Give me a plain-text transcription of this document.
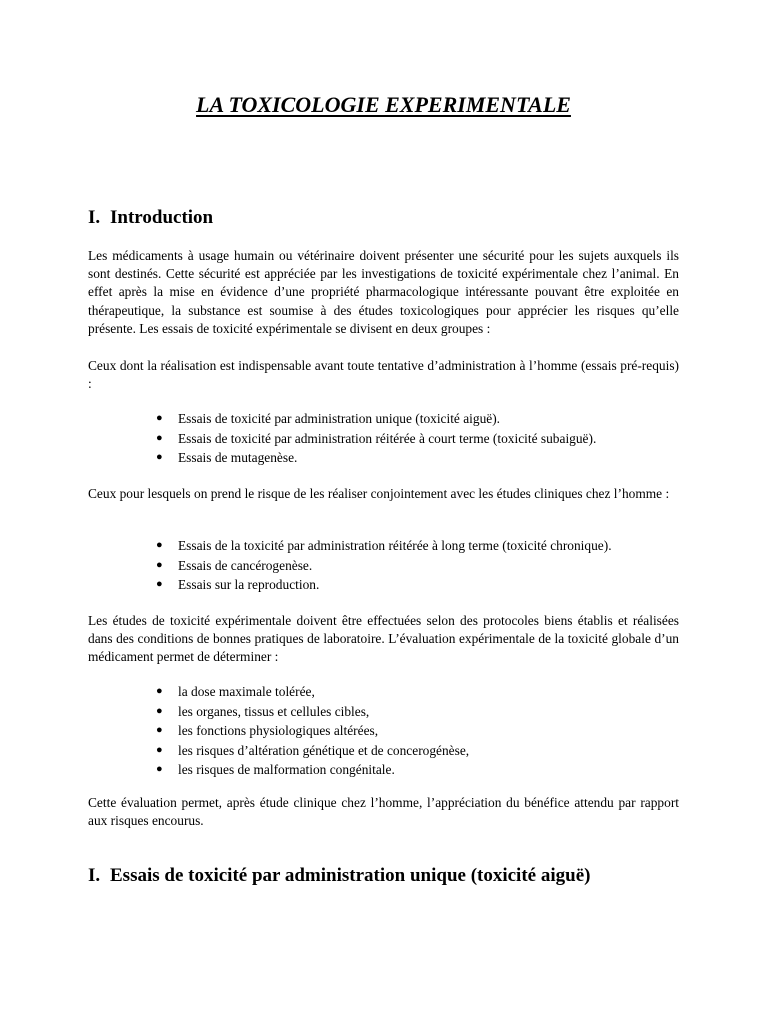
LA TOXICOLOGIE EXPERIMENTALE
I. Introduction

Les médicaments à usage humain ou vétérinaire doivent présenter une sécurité pour les sujets auxquels ils sont destinés. Cette sécurité est appréciée par les investigations de toxicité expérimentale chez l’animal. En effet après la mise en évidence d’une propriété pharmacologique intéressante pouvant être exploitée en thérapeutique, la substance est soumise à des études toxicologiques pour apprécier les risques qu’elle présente. Les essais de toxicité expérimentale se divisent en deux groupes :

Ceux dont la réalisation est indispensable avant toute tentative d’administration à l’homme (essais pré-requis) :

● Essais de toxicité par administration unique (toxicité aiguë).
● Essais de toxicité par administration réitérée à court terme (toxicité subaiguë).
● Essais de mutagenèse.

Ceux pour lesquels on prend le risque de les réaliser conjointement avec les études cliniques chez l’homme :

● Essais de la toxicité par administration réitérée à long terme (toxicité chronique).
● Essais de cancérogenèse.
● Essais sur la reproduction.

Les études de toxicité expérimentale doivent être effectuées selon des protocoles biens établis et réalisées dans des conditions de bonnes pratiques de laboratoire. L’évaluation expérimentale de la toxicité globale d’un médicament permet de déterminer :

● la dose maximale tolérée,
● les organes, tissus et cellules cibles,
● les fonctions physiologiques altérées,
● les risques d’altération génétique et de concerogénèse,
● les risques de malformation congénitale.

Cette évaluation permet, après étude clinique chez l’homme, l’appréciation du bénéfice attendu par rapport aux risques encourus.

I. Essais de toxicité par administration unique (toxicité aiguë)
